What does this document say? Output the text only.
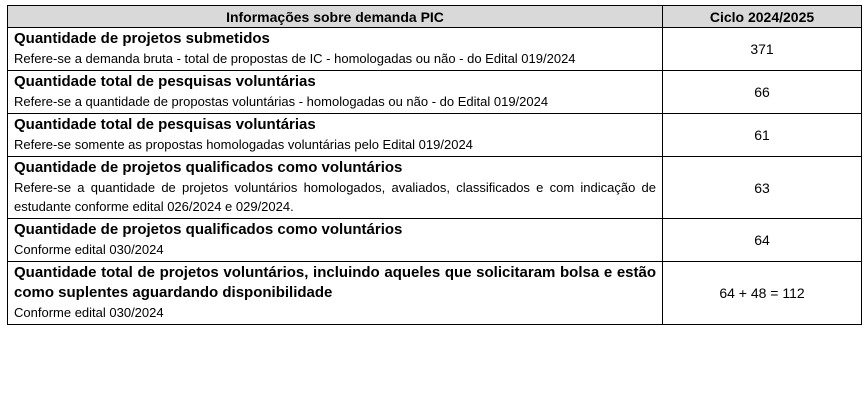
Informações sobre demanda PIC	Ciclo 2024/2025

Quantidade de projetos submetidos
Refere-se a demanda bruta - total de propostas de IC - homologadas ou não - do Edital 019/2024	371

Quantidade total de pesquisas voluntárias
Refere-se a quantidade de propostas voluntárias - homologadas ou não - do Edital 019/2024	66

Quantidade total de pesquisas voluntárias
Refere-se somente as propostas homologadas voluntárias pelo Edital 019/2024	61

Quantidade de projetos qualificados como voluntários
Refere-se a quantidade de projetos voluntários homologados, avaliados, classificados e com indicação de estudante conforme edital 026/2024 e 029/2024.	63

Quantidade de projetos qualificados como voluntários
Conforme edital 030/2024	64

Quantidade total de projetos voluntários, incluindo aqueles que solicitaram bolsa e estão como suplentes aguardando disponibilidade
Conforme edital 030/2024	64 + 48 = 112
